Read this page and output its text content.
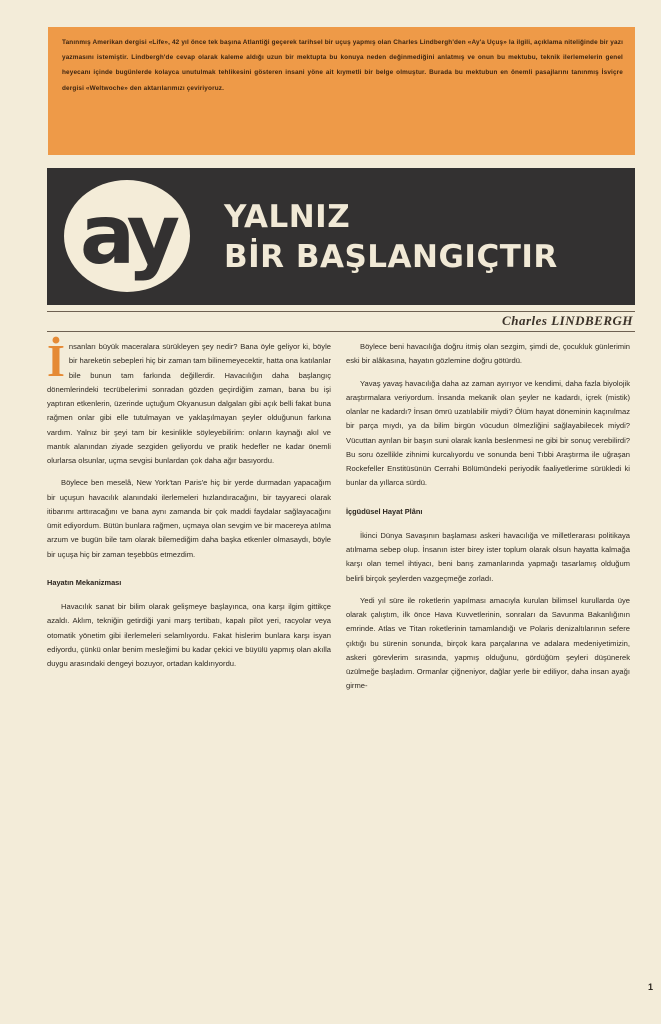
Tanınmış Amerikan dergisi «Life», 42 yıl önce tek başına Atlantiği geçerek tarihsel bir uçuş yapmış olan Charles Lindbergh'den «Ay'a Uçuş» la ilgili, açıklama niteliğinde bir yazı yazmasını istemiştir. Lindbergh'de cevap olarak kaleme aldığı uzun bir mektupta bu konuya neden değinmediğini anlatmış ve onun bu mektubu, teknik ilerlemelerin genel heyecanı içinde bugünlerde kolayca unutulmak tehlikesini gösteren insani yöne ait kıymetli bir belge olmuştur. Burada bu mektubun en önemli pasajlarını tanınmış İsviçre dergisi «Weltwoche» den aktarılarımızı çeviriyoruz.
ay	YALNIZ
BİR BAŞLANGIÇTIR
Charles LINDBERGH

İnsanları büyük maceralara sürükleyen şey nedir? Bana öyle geliyor ki, böyle bir hareketin sebepleri hiç bir zaman tam bilinemeyecektir, hatta ona katılanlar bile bunun tam farkında değillerdir. Havacılığın daha başlangıç dönemlerindeki tecrübelerimi sonradan gözden geçirdiğim zaman, bana bu işi yaptıran etkenlerin, üzerinde uçtuğum Okyanusun dalgaları gibi açık belli fakat buna rağmen onlar gibi elle tutulmayan ve yaklaşılmayan şeyler olduğunun farkına vardım. Yalnız bir şeyi tam bir kesinlikle söyleyebilirim: onların kaynağı akıl ve mantık alanından ziyade sezgiden geliyordu ve pratik hedefler ne kadar önemli olurlarsa olsunlar, uçma sevgisi bunlardan çok daha ağır basıyordu.

Böylece ben meselâ, New York'tan Paris'e hiç bir yerde durmadan yapacağım bir uçuşun havacılık alanındaki ilerlemeleri hızlandıracağını, bir tayyareci olarak itibarımı arttıracağını ve bana aynı zamanda bir çok maddi faydalar sağlayacağını ümit ediyordum. Bütün bunlara rağmen, uçmaya olan sevgim ve bir macereya atılma arzum ve bugün bile tam olarak bilemediğim daha başka etkenler olmasaydı, böyle bir uçuşa hiç bir zaman teşebbüs etmezdim.

Hayatın Mekanizması

Havacılık sanat bir bilim olarak gelişmeye başlayınca, ona karşı ilgim gittikçe azaldı. Aklım, tekniğin getirdiği yani marş tertibatı, kapalı pilot yeri, racyolar veya otomatik yönetim gibi ilerlemeleri selamlıyordu. Fakat hislerim bunlara karşı isyan ediyordu, çünkü onlar benim mesleğimi bu kadar çekici ve büyülü yapmış olan akılla duygu arasındaki dengeyi bozuyor, ortadan kaldırıyordu.

Böylece beni havacılığa doğru itmiş olan sezgim, şimdi de, çocukluk günlerimin eski bir alâkasına, hayatın gözlemine doğru götürdü.

Yavaş yavaş havacılığa daha az zaman ayırıyor ve kendimi, daha fazla biyolojik araştırmalara veriyordum. İnsanda mekanik olan şeyler ne kadardı, içrek (mistik) olanlar ne kadardı? İnsan ömrü uzatılabilir miydi? Ölüm hayat döneminin kaçınılmaz bir parça mıydı, ya da bilim birgün vücudun ölmezliğini sağlayabilecek miydi? Vücuttan ayrılan bir başın suni olarak kanla beslenmesi ne gibi bir sonuç verebilirdi? Bu soru özellikle zihnimi kurcalıyordu ve sonunda beni Tıbbi Araştırma ile uğraşan Rockefeller Enstitüsünün Cerrahi Bölümündeki periyodik faaliyetlerime sürükledi ki bunlar da yıllarca sürdü.

İçgüdüsel Hayat Plânı

İkinci Dünya Savaşının başlaması askeri havacılığa ve milletlerarası politikaya atılmama sebep olup. İnsanın ister birey ister toplum olarak olsun hayatta kalmağa karşı olan temel ihtiyacı, beni barış zamanlarında yapmağı tasarlamış olduğum belirli birçok şeylerden vazgeçmeğe zorladı.

Yedi yıl süre ile roketlerin yapılması amacıyla kurulan bilimsel kurullarda üye olarak çalıştım, ilk önce Hava Kuvvetlerinin, sonraları da Savunma Bakanlığının emrinde. Atlas ve Titan roketlerinin tamamlandığı ve Polaris denizaltılarının sefere çıktığı bu sürenin sonunda, birçok kara parçalarına ve adalara medeniyetimizin, askeri görevlerim sırasında, yapmış olduğunu, gördüğüm şeyleri düşünerek üzülmeğe başladım. Ormanlar çiğneniyor, dağlar yerle bir ediliyor, daha insan ayağı girme-

1
